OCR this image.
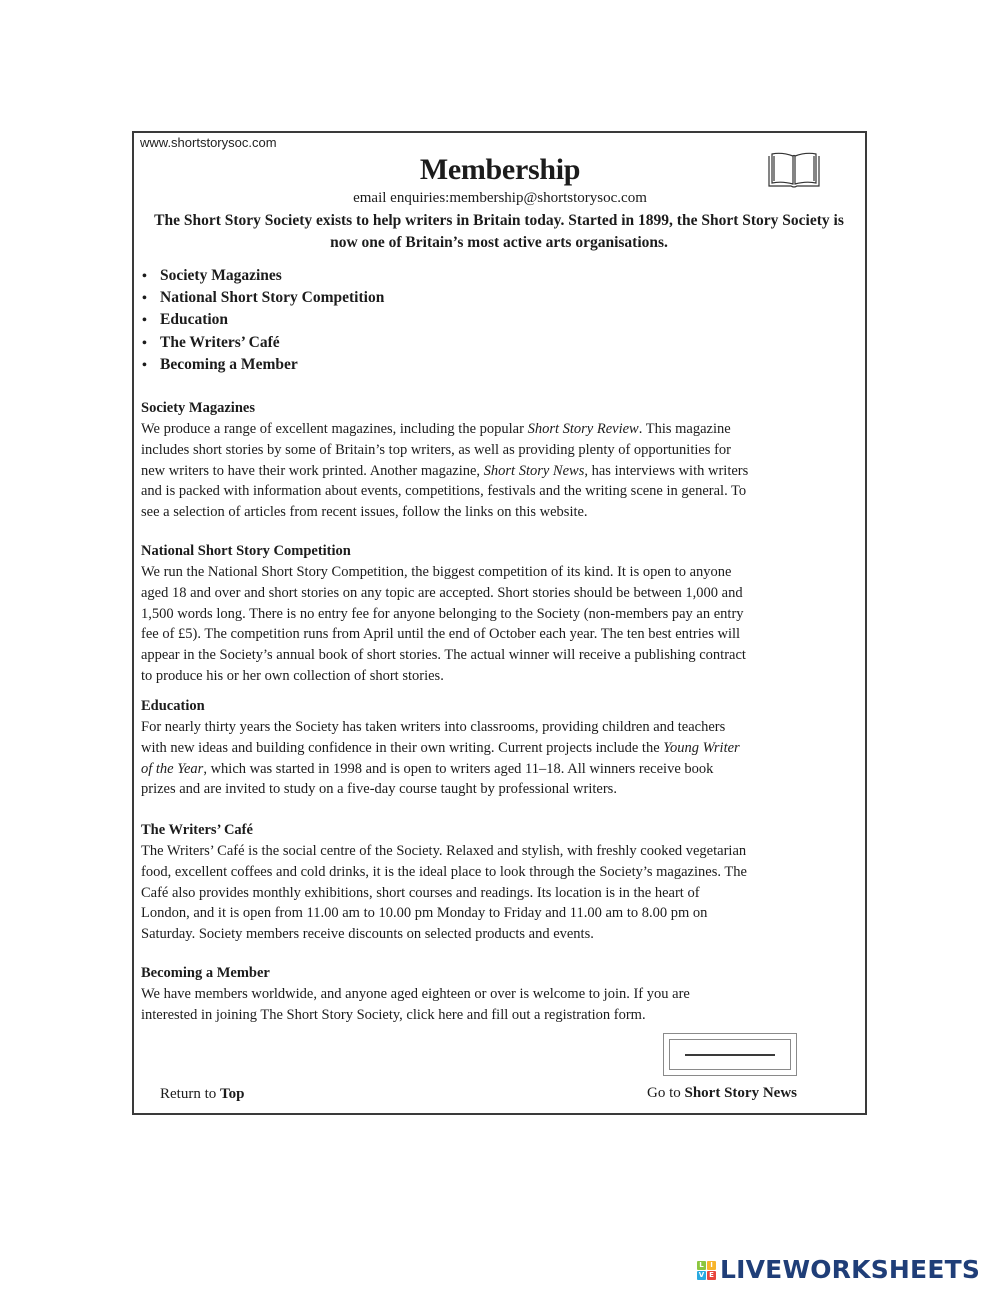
www.shortstorysoc.com
Membership
email enquiries:membership@shortstorysoc.com
The Short Story Society exists to help writers in Britain today. Started in 1899, the Short Story Society is now one of Britain’s most active arts organisations.
• Society Magazines
• National Short Story Competition
• Education
• The Writers’ Café
• Becoming a Member
Society Magazines

We produce a range of excellent magazines, including the popular Short Story Review. This magazine
includes short stories by some of Britain’s top writers, as well as providing plenty of opportunities for
new writers to have their work printed. Another magazine, Short Story News, has interviews with writers
and is packed with information about events, competitions, festivals and the writing scene in general. To
see a selection of articles from recent issues, follow the links on this website.

National Short Story Competition

We run the National Short Story Competition, the biggest competition of its kind. It is open to anyone
aged 18 and over and short stories on any topic are accepted. Short stories should be between 1,000 and
1,500 words long. There is no entry fee for anyone belonging to the Society (non-members pay an entry
fee of £5). The competition runs from April until the end of October each year. The ten best entries will
appear in the Society’s annual book of short stories. The actual winner will receive a publishing contract
to produce his or her own collection of short stories.

Education

For nearly thirty years the Society has taken writers into classrooms, providing children and teachers
with new ideas and building confidence in their own writing. Current projects include the Young Writer
of the Year, which was started in 1998 and is open to writers aged 11–18. All winners receive book
prizes and are invited to study on a five-day course taught by professional writers.

The Writers’ Café

The Writers’ Café is the social centre of the Society. Relaxed and stylish, with freshly cooked vegetarian
food, excellent coffees and cold drinks, it is the ideal place to look through the Society’s magazines. The
Café also provides monthly exhibitions, short courses and readings. Its location is in the heart of
London, and it is open from 11.00 am to 10.00 pm Monday to Friday and 11.00 am to 8.00 pm on
Saturday. Society members receive discounts on selected products and events.

Becoming a Member

We have members worldwide, and anyone aged eighteen or over is welcome to join. If you are
interested in joining The Short Story Society, click here and fill out a registration form.

Return to Top	Go to Short Story News
L I
V E LIVEWORKSHEETS
